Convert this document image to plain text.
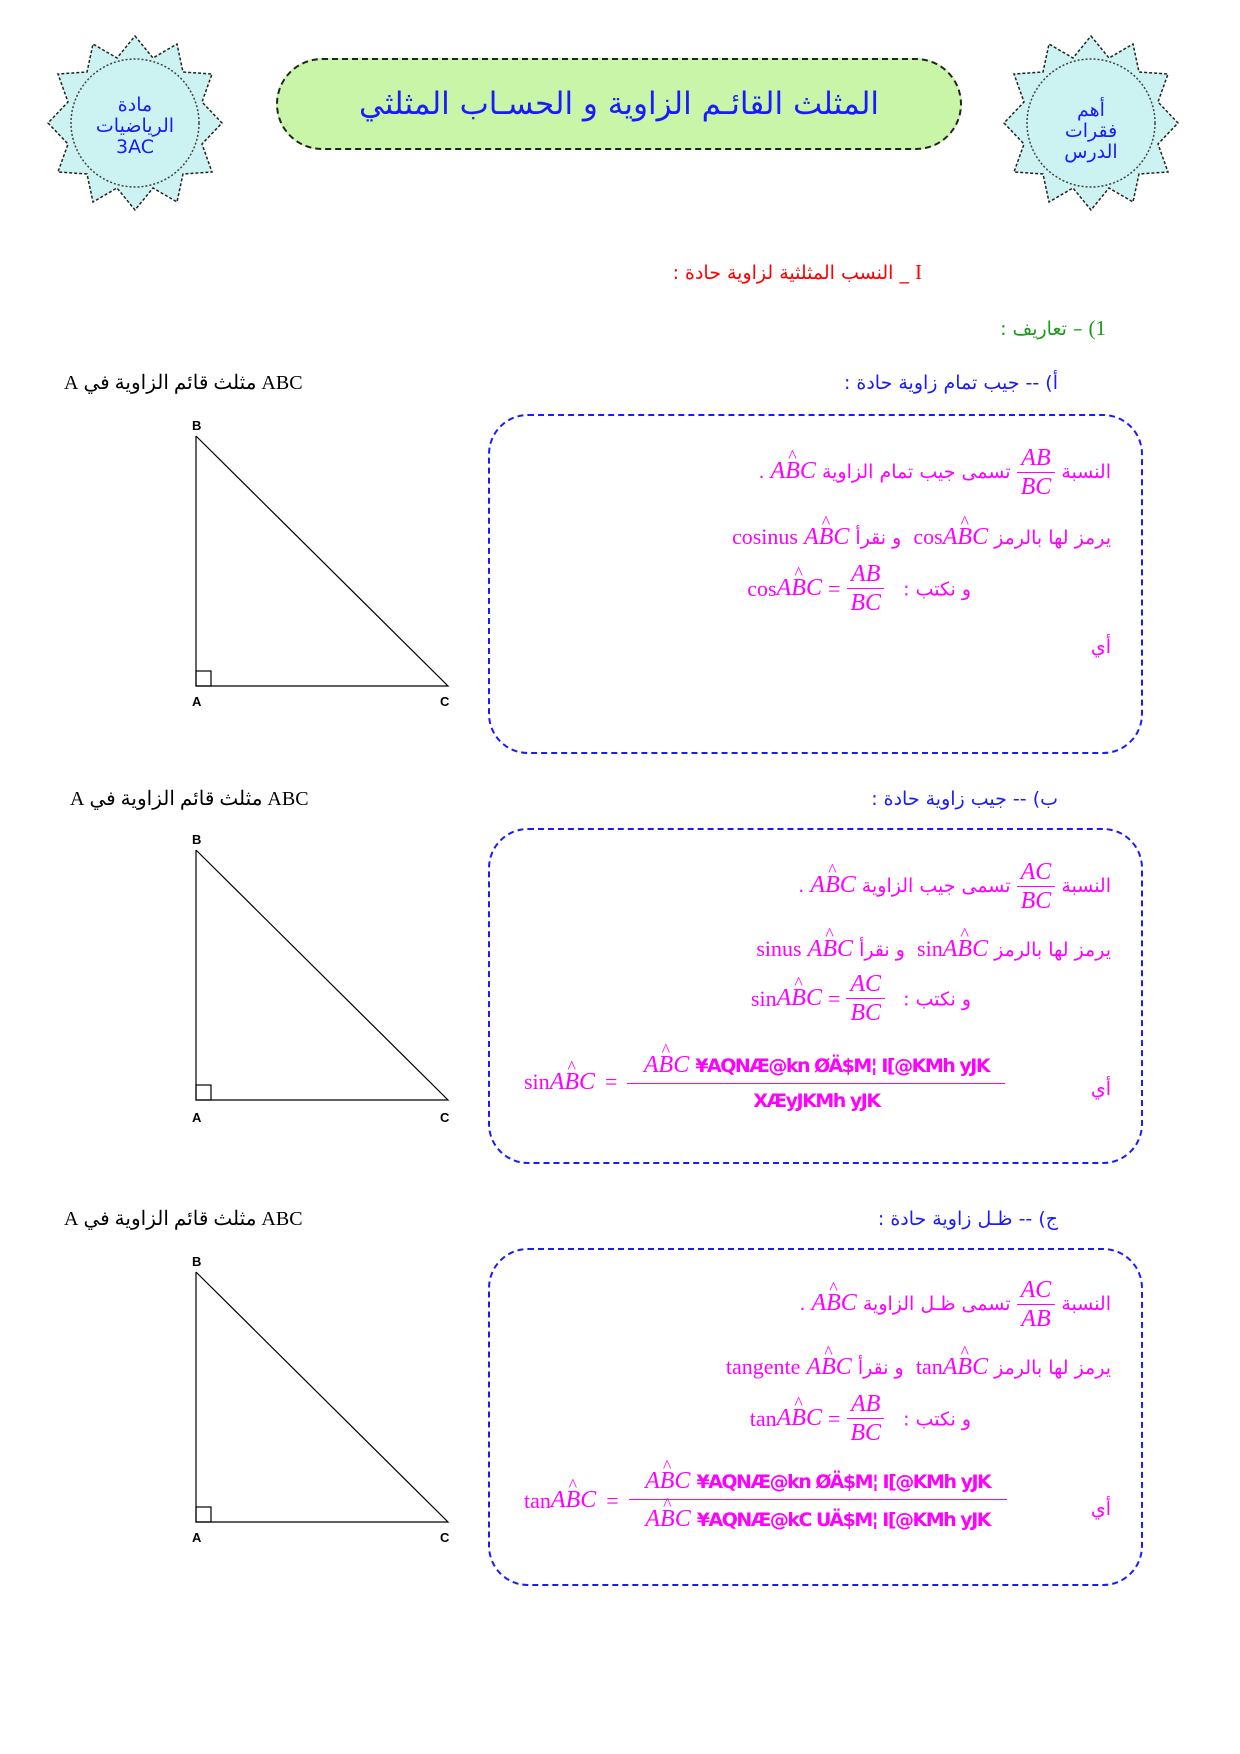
مادة
الرياضيات
3AC
أهم
فقرات
الدرس
المثلث القائـم الزاوية و الحسـاب المثلثي
I _ النسب المثلثية لزاوية حادة :
1) – تعاريف :
أ) -- جيب تمام زاوية حادة :
ABC مثلث قائم الزاوية في A
B
A	C
النسبة
$\frac{AB}{BC}$
تسمى جيب تمام الزاوية A^ BC .
يرمز لها بالرمز cosA^ BC  و نقرأ cosinus A^ BC
و نكتب :
cos A^ BC = $\frac{AB}{BC}$
أي
ب) -- جيب زاوية حادة :
ABC مثلث قائم الزاوية في A
B
A	C
النسبة
$\frac{AC}{BC}$
تسمى جيب الزاوية A^ BC .
يرمز لها بالرمز sinA^ BC  و نقرأ sinus A^ BC
و نكتب :
sin A^ BC = $\frac{AC}{BC}$
أي
sin A^ BC =
A^ BC ¥AQNÆ@kn ØÄ$M¦ I[@KMh yJK
XÆyJKMh yJK
ج) -- ظـل زاوية حادة :
ABC مثلث قائم الزاوية في A
B
A	C
النسبة
$\frac{AC}{AB}$
تسمى ظـل الزاوية A^ BC .
يرمز لها بالرمز tanA^ BC  و نقرأ tangente A^ BC
و نكتب :
tan A^ BC = $\frac{AB}{BC}$
أي
tan A^ BC =
A^ BC ¥AQNÆ@kn ØÄ$M¦ I[@KMh yJK
A^ BC ¥AQNÆ@kC UÄ$M¦ I[@KMh yJK
